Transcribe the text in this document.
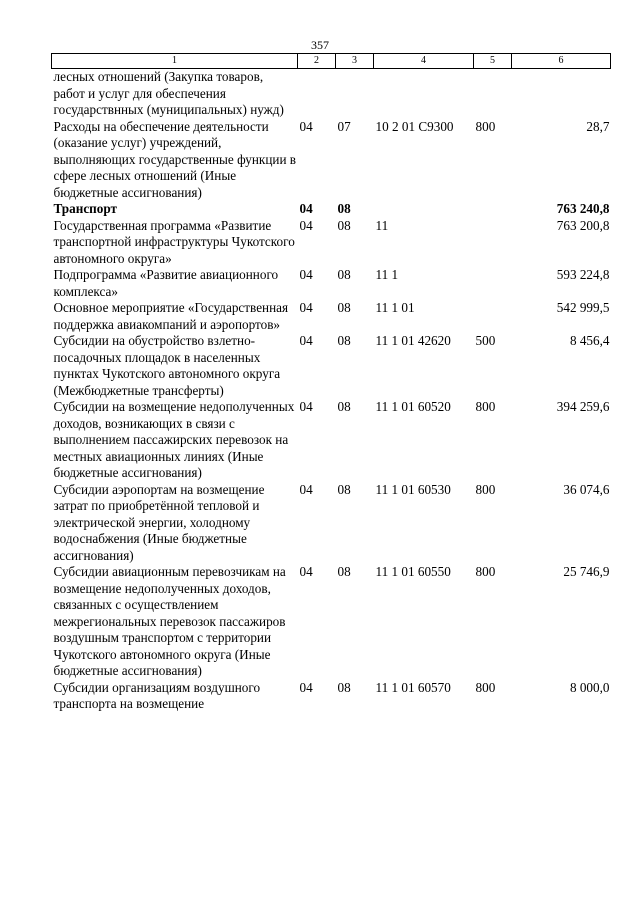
357
1	2	3	4	5	6
лесных отношений (Закупка товаров, работ и услуг для обеспечения государствнных (муниципальных) нужд)					
Расходы на обеспечение деятельности (оказание услуг) учреждений, выполняющих государственные функции в сфере лесных отношений (Иные бюджетные ассигнования)	04	07	10 2 01 С9300	800	28,7
Транспорт	04	08			763 240,8
Государственная программа «Развитие транспортной инфраструктуры Чукотского автономного округа»	04	08	11		763 200,8
Подпрограмма «Развитие авиационного комплекса»	04	08	11 1		593 224,8
Основное мероприятие «Государственная поддержка авиакомпаний и аэропортов»	04	08	11 1 01		542 999,5
Субсидии на обустройство взлетно-посадочных площадок в населенных пунктах Чукотского автономного округа (Межбюджетные трансферты)	04	08	11 1 01 42620	500	8 456,4
Субсидии на возмещение недополученных доходов, возникающих в связи с выполнением пассажирских перевозок на местных авиационных линиях (Иные бюджетные ассигнования)	04	08	11 1 01 60520	800	394 259,6
Субсидии аэропортам на возмещение затрат по приобретённой тепловой и электрической энергии, холодному водоснабжения (Иные бюджетные ассигнования)	04	08	11 1 01 60530	800	36 074,6
Субсидии авиационным перевозчикам на возмещение недополученных доходов, связанных с осуществлением межрегиональных перевозок пассажиров воздушным транспортом с территории Чукотского автономного округа (Иные бюджетные ассигнования)	04	08	11 1 01 60550	800	25 746,9
Субсидии организациям воздушного транспорта на возмещение	04	08	11 1 01 60570	800	8 000,0
